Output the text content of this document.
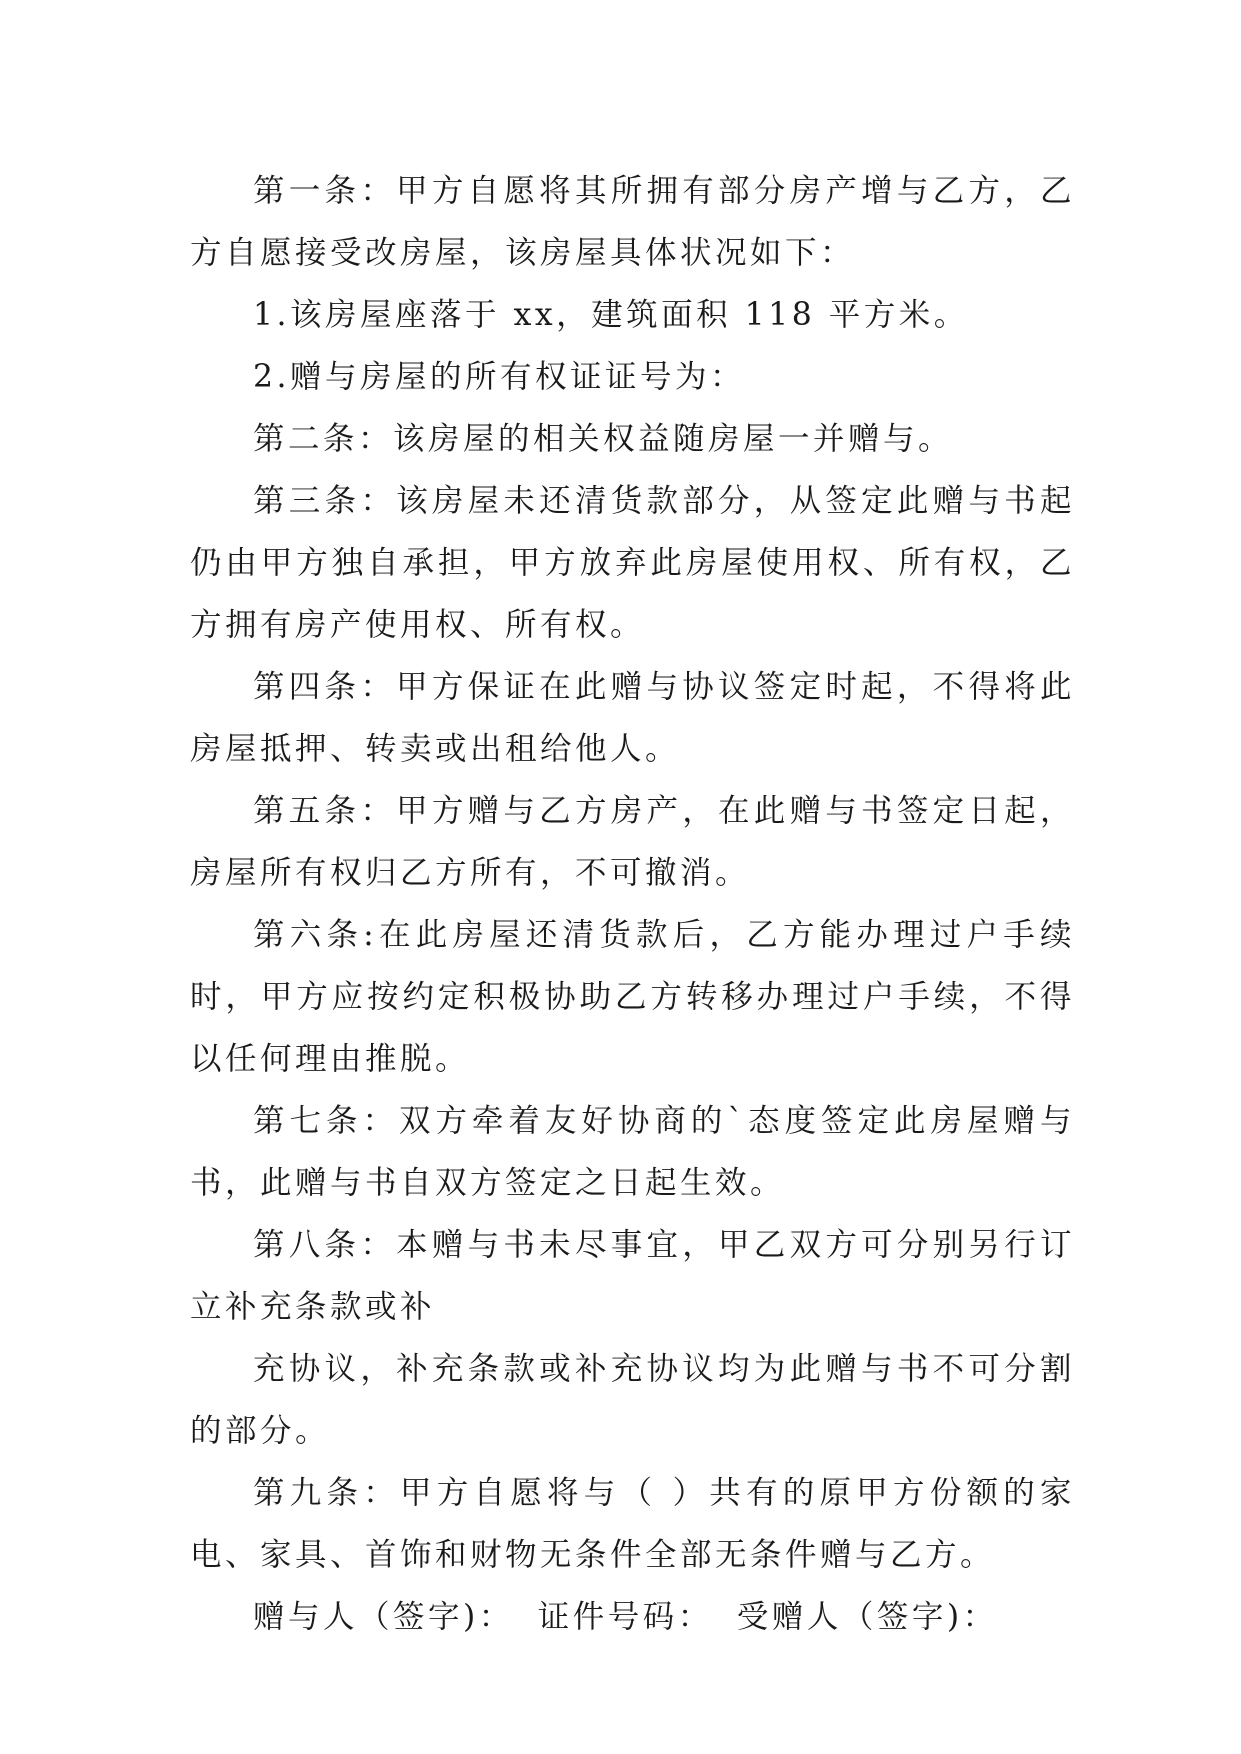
第一条：甲方自愿将其所拥有部分房产增与乙方，乙方自愿接受改房屋，该房屋具体状况如下：

1.该房屋座落于 xx，建筑面积 118 平方米。

2.赠与房屋的所有权证证号为：

第二条：该房屋的相关权益随房屋一并赠与。

第三条：该房屋未还清货款部分，从签定此赠与书起仍由甲方独自承担，甲方放弃此房屋使用权、所有权，乙方拥有房产使用权、所有权。

第四条：甲方保证在此赠与协议签定时起，不得将此房屋抵押、转卖或出租给他人。

第五条：甲方赠与乙方房产，在此赠与书签定日起，房屋所有权归乙方所有，不可撤消。

第六条:在此房屋还清货款后，乙方能办理过户手续时，甲方应按约定积极协助乙方转移办理过户手续，不得以任何理由推脱。

第七条：双方牵着友好协商的`态度签定此房屋赠与书，此赠与书自双方签定之日起生效。

第八条：本赠与书未尽事宜，甲乙双方可分别另行订立补充条款或补

充协议，补充条款或补充协议均为此赠与书不可分割的部分。

第九条：甲方自愿将与（ ）共有的原甲方份额的家电、家具、首饰和财物无条件全部无条件赠与乙方。

赠与人（签字)： 证件号码： 受赠人（签字)：
